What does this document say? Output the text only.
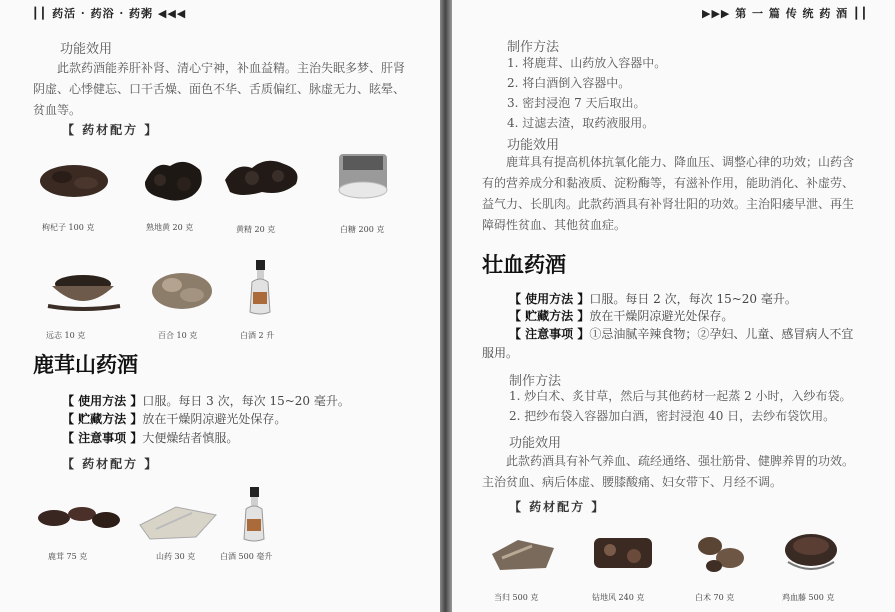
┃┃ 药活 · 药浴 · 药粥 ◀◀◀
功能效用
此款药酒能养肝补肾、清心宁神，补血益精。主治失眠多梦、肝肾阴虚、心悸健忘、口干舌燥、面色不华、舌质偏红、脉虚无力、眩晕、贫血等。
【 药材配方 】
枸杞子 100 克	熟地黄 20 克	黄精 20 克	白糖 200 克
远志 10 克	百合 10 克	白酒 2 升
鹿茸山药酒
【 使用方法 】口服。每日 3 次，每次 15~20 毫升。
【 贮藏方法 】放在干燥阴凉避光处保存。
【 注意事项 】大便燥结者慎服。
【 药材配方 】
鹿茸 75 克	山药 30 克	白酒 500 毫升
▶▶▶ 第 一 篇 传 统 药 酒 ┃┃
制作方法
1. 将鹿茸、山药放入容器中。
2. 将白酒倒入容器中。
3. 密封浸泡 7 天后取出。
4. 过滤去渣，取药液服用。
功能效用
鹿茸具有提高机体抗氧化能力、降血压、调整心律的功效；山药含有的营养成分和黏液质、淀粉酶等，有滋补作用，能助消化、补虚劳、益气力、长肌肉。此款药酒具有补肾壮阳的功效。主治阳痿早泄、再生障碍性贫血、其他贫血症。
壮血药酒
【 使用方法 】口服。每日 2 次，每次 15~20 毫升。
【 贮藏方法 】放在干燥阴凉避光处保存。
【 注意事项 】①忌油腻辛辣食物；②孕妇、儿童、感冒病人不宜服用。
制作方法
1. 炒白术、炙甘草，然后与其他药材一起蒸 2 小时，入纱布袋。
2. 把纱布袋入容器加白酒，密封浸泡 40 日，去纱布袋饮用。
功能效用
此款药酒具有补气养血、疏经通络、强壮筋骨、健脾养胃的功效。主治贫血、病后体虚、腰膝酸痛、妇女带下、月经不调。
【 药材配方 】
当归 500 克	钻地风 240 克	白术 70 克	鸡血藤 500 克
